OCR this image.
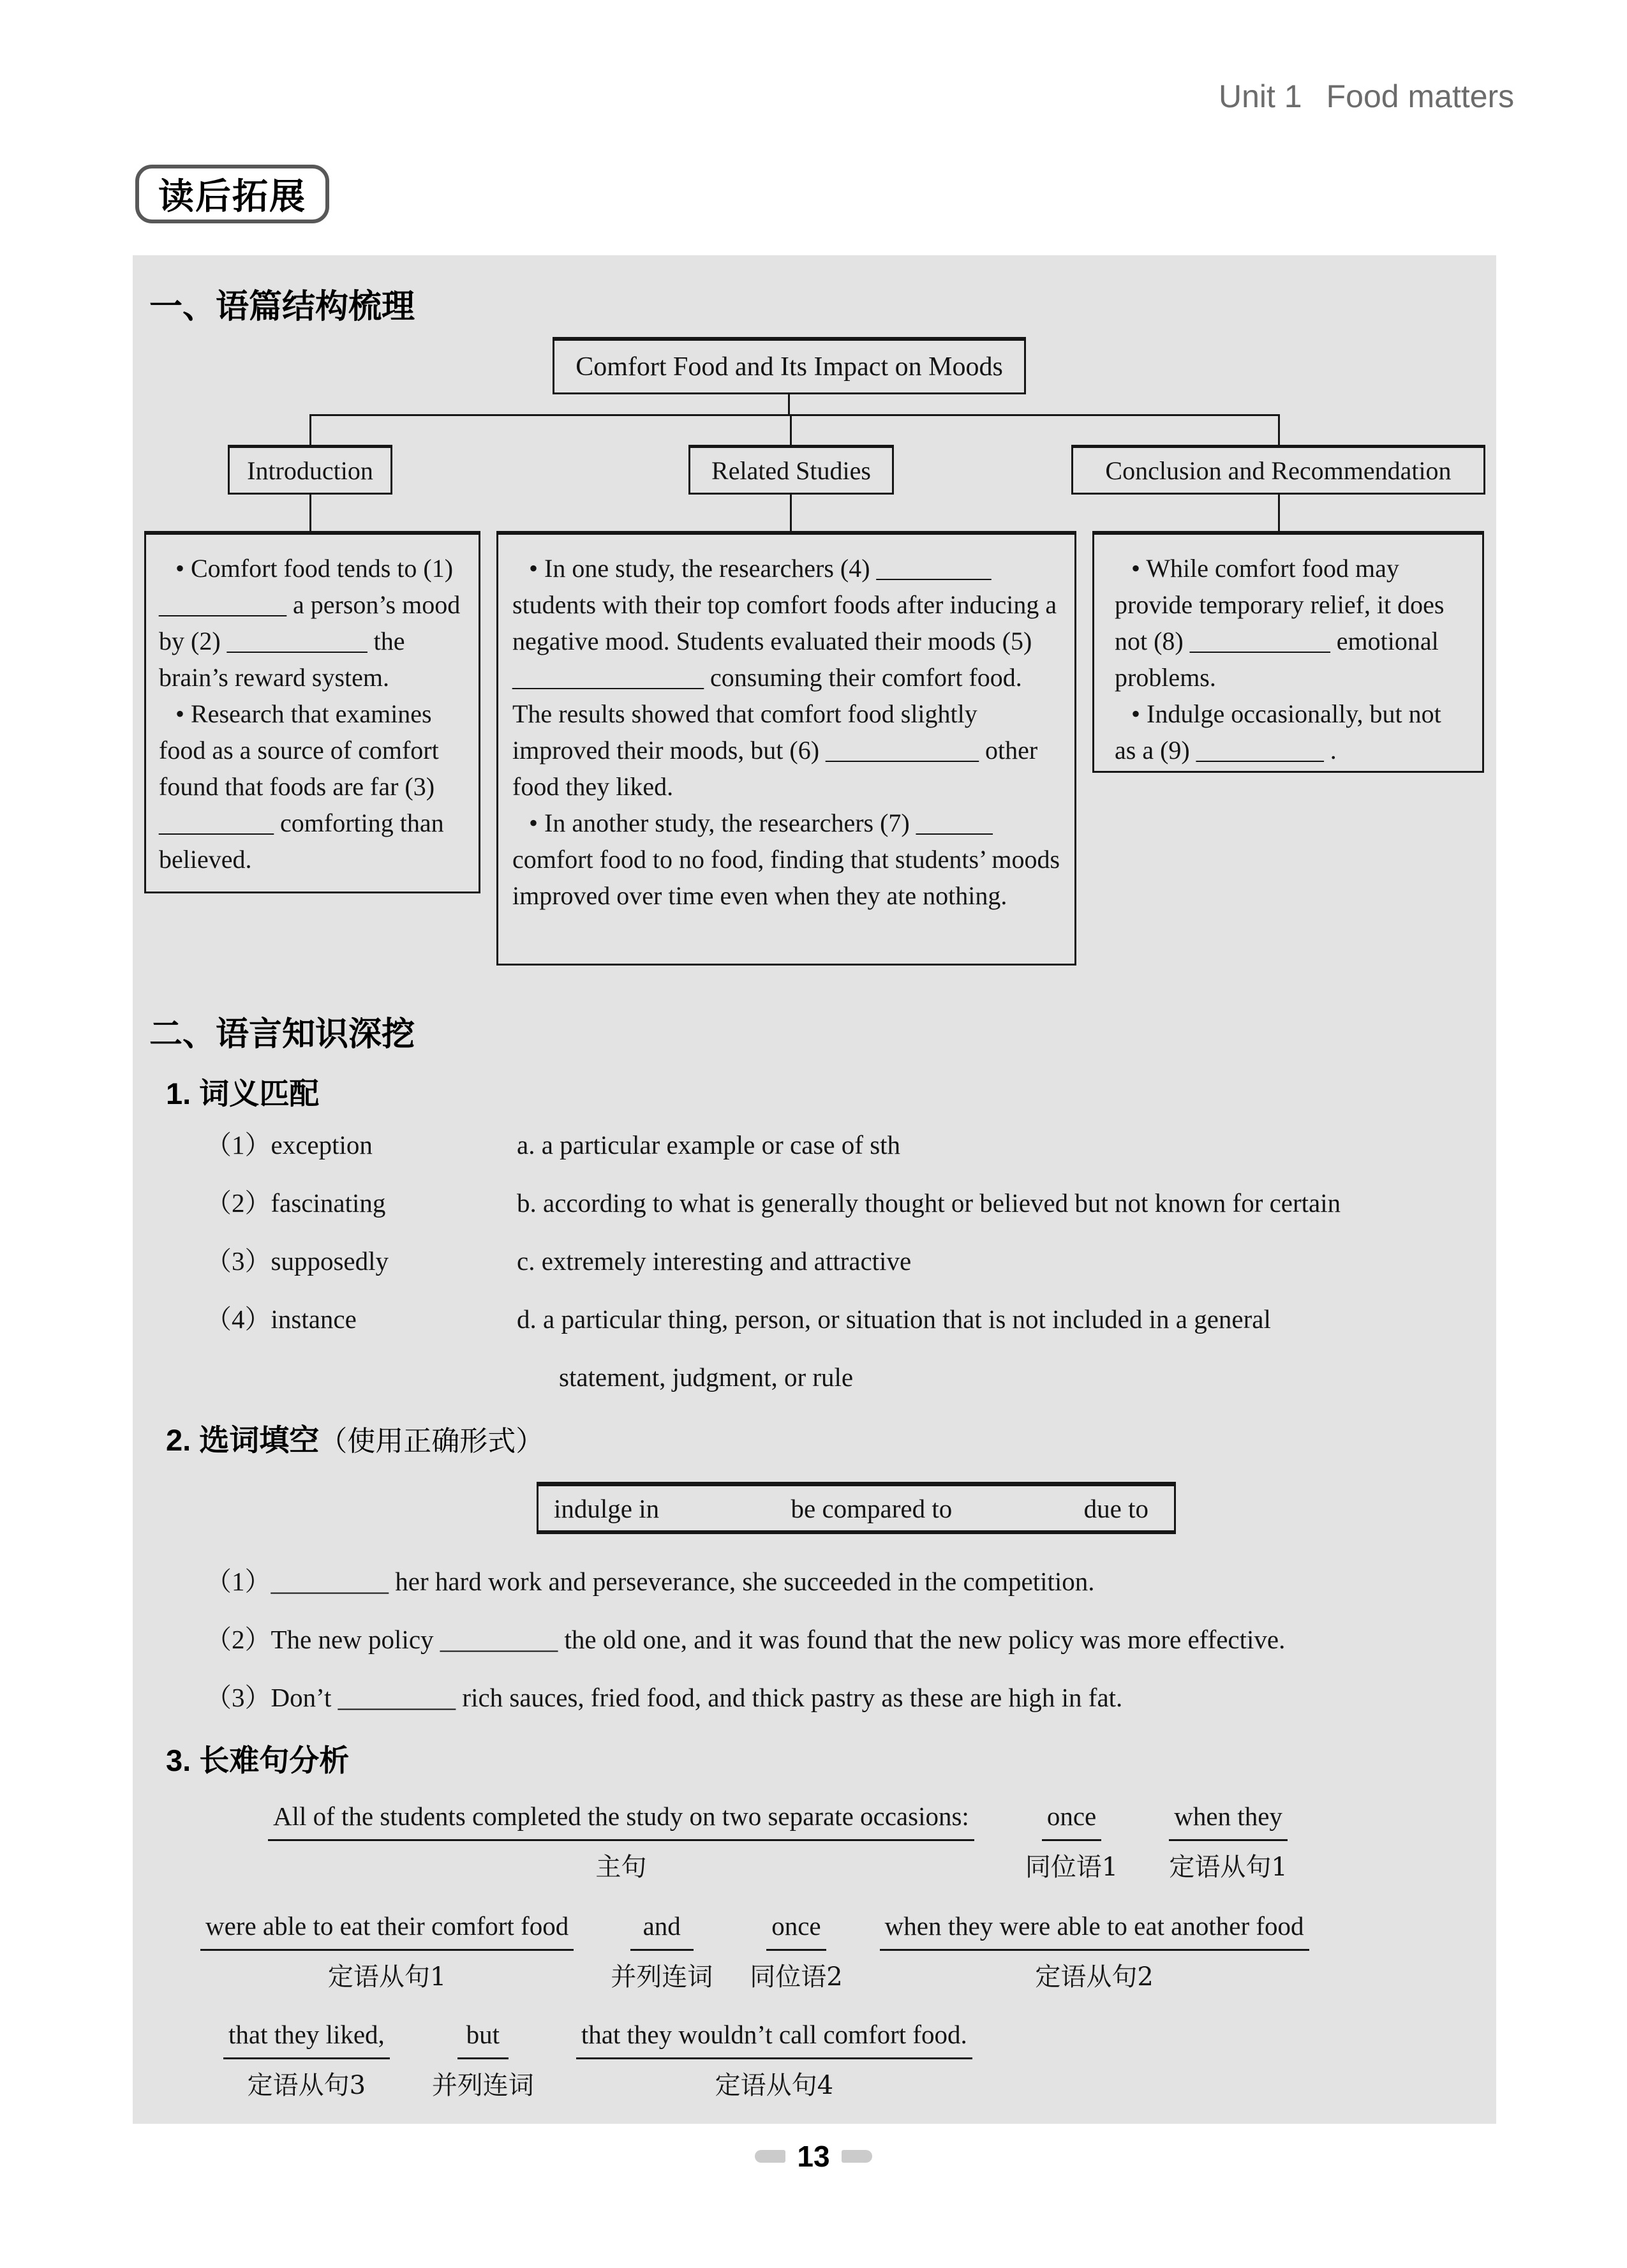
Unit 1 Food matters
读后拓展
一、语篇结构梳理
Comfort Food and Its Impact on Moods
Introduction	Related Studies	Conclusion and Recommendation

• Comfort food tends to (1) __________ a person’s mood by (2) ___________ the brain’s reward system.

• Research that examines food as a source of comfort found that foods are far (3) _________ comforting than believed.

• In one study, the researchers (4) _________ students with their top comfort foods after inducing a negative mood. Students evaluated their moods (5) _______________ consuming their comfort food. The results showed that comfort food slightly improved their moods, but (6) ____________ other food they liked.

• In another study, the researchers (7) ______ comfort food to no food, finding that students’ moods improved over time even when they ate nothing.

• While comfort food may provide temporary relief, it does not (8) ___________ emotional problems.

• Indulge occasionally, but not as a (9) __________ .

二、语言知识深挖
1. 词义匹配
（1）exception	a. a particular example or case of sth
（2）fascinating	b. according to what is generally thought or believed but not known for certain
（3）supposedly	c. extremely interesting and attractive
（4）instance	d. a particular thing, person, or situation that is not included in a general
statement, judgment, or rule
2. 选词填空（使用正确形式）
indulge in	be compared to	due to
（1）_________ her hard work and perseverance, she succeeded in the competition.
（2）The new policy _________ the old one, and it was found that the new policy was more effective.
（3）Don’t _________ rich sauces, fried food, and thick pastry as these are high in fat.
3. 长难句分析
All of the students completed the study on two separate occasions:
主句
once
同位语1
when they
定语从句1
were able to eat their comfort food
定语从句1
and
并列连词
once
同位语2
when they were able to eat another food
定语从句2
that they liked,
定语从句3
but
并列连词
that they wouldn’t call comfort food.
定语从句4
13
